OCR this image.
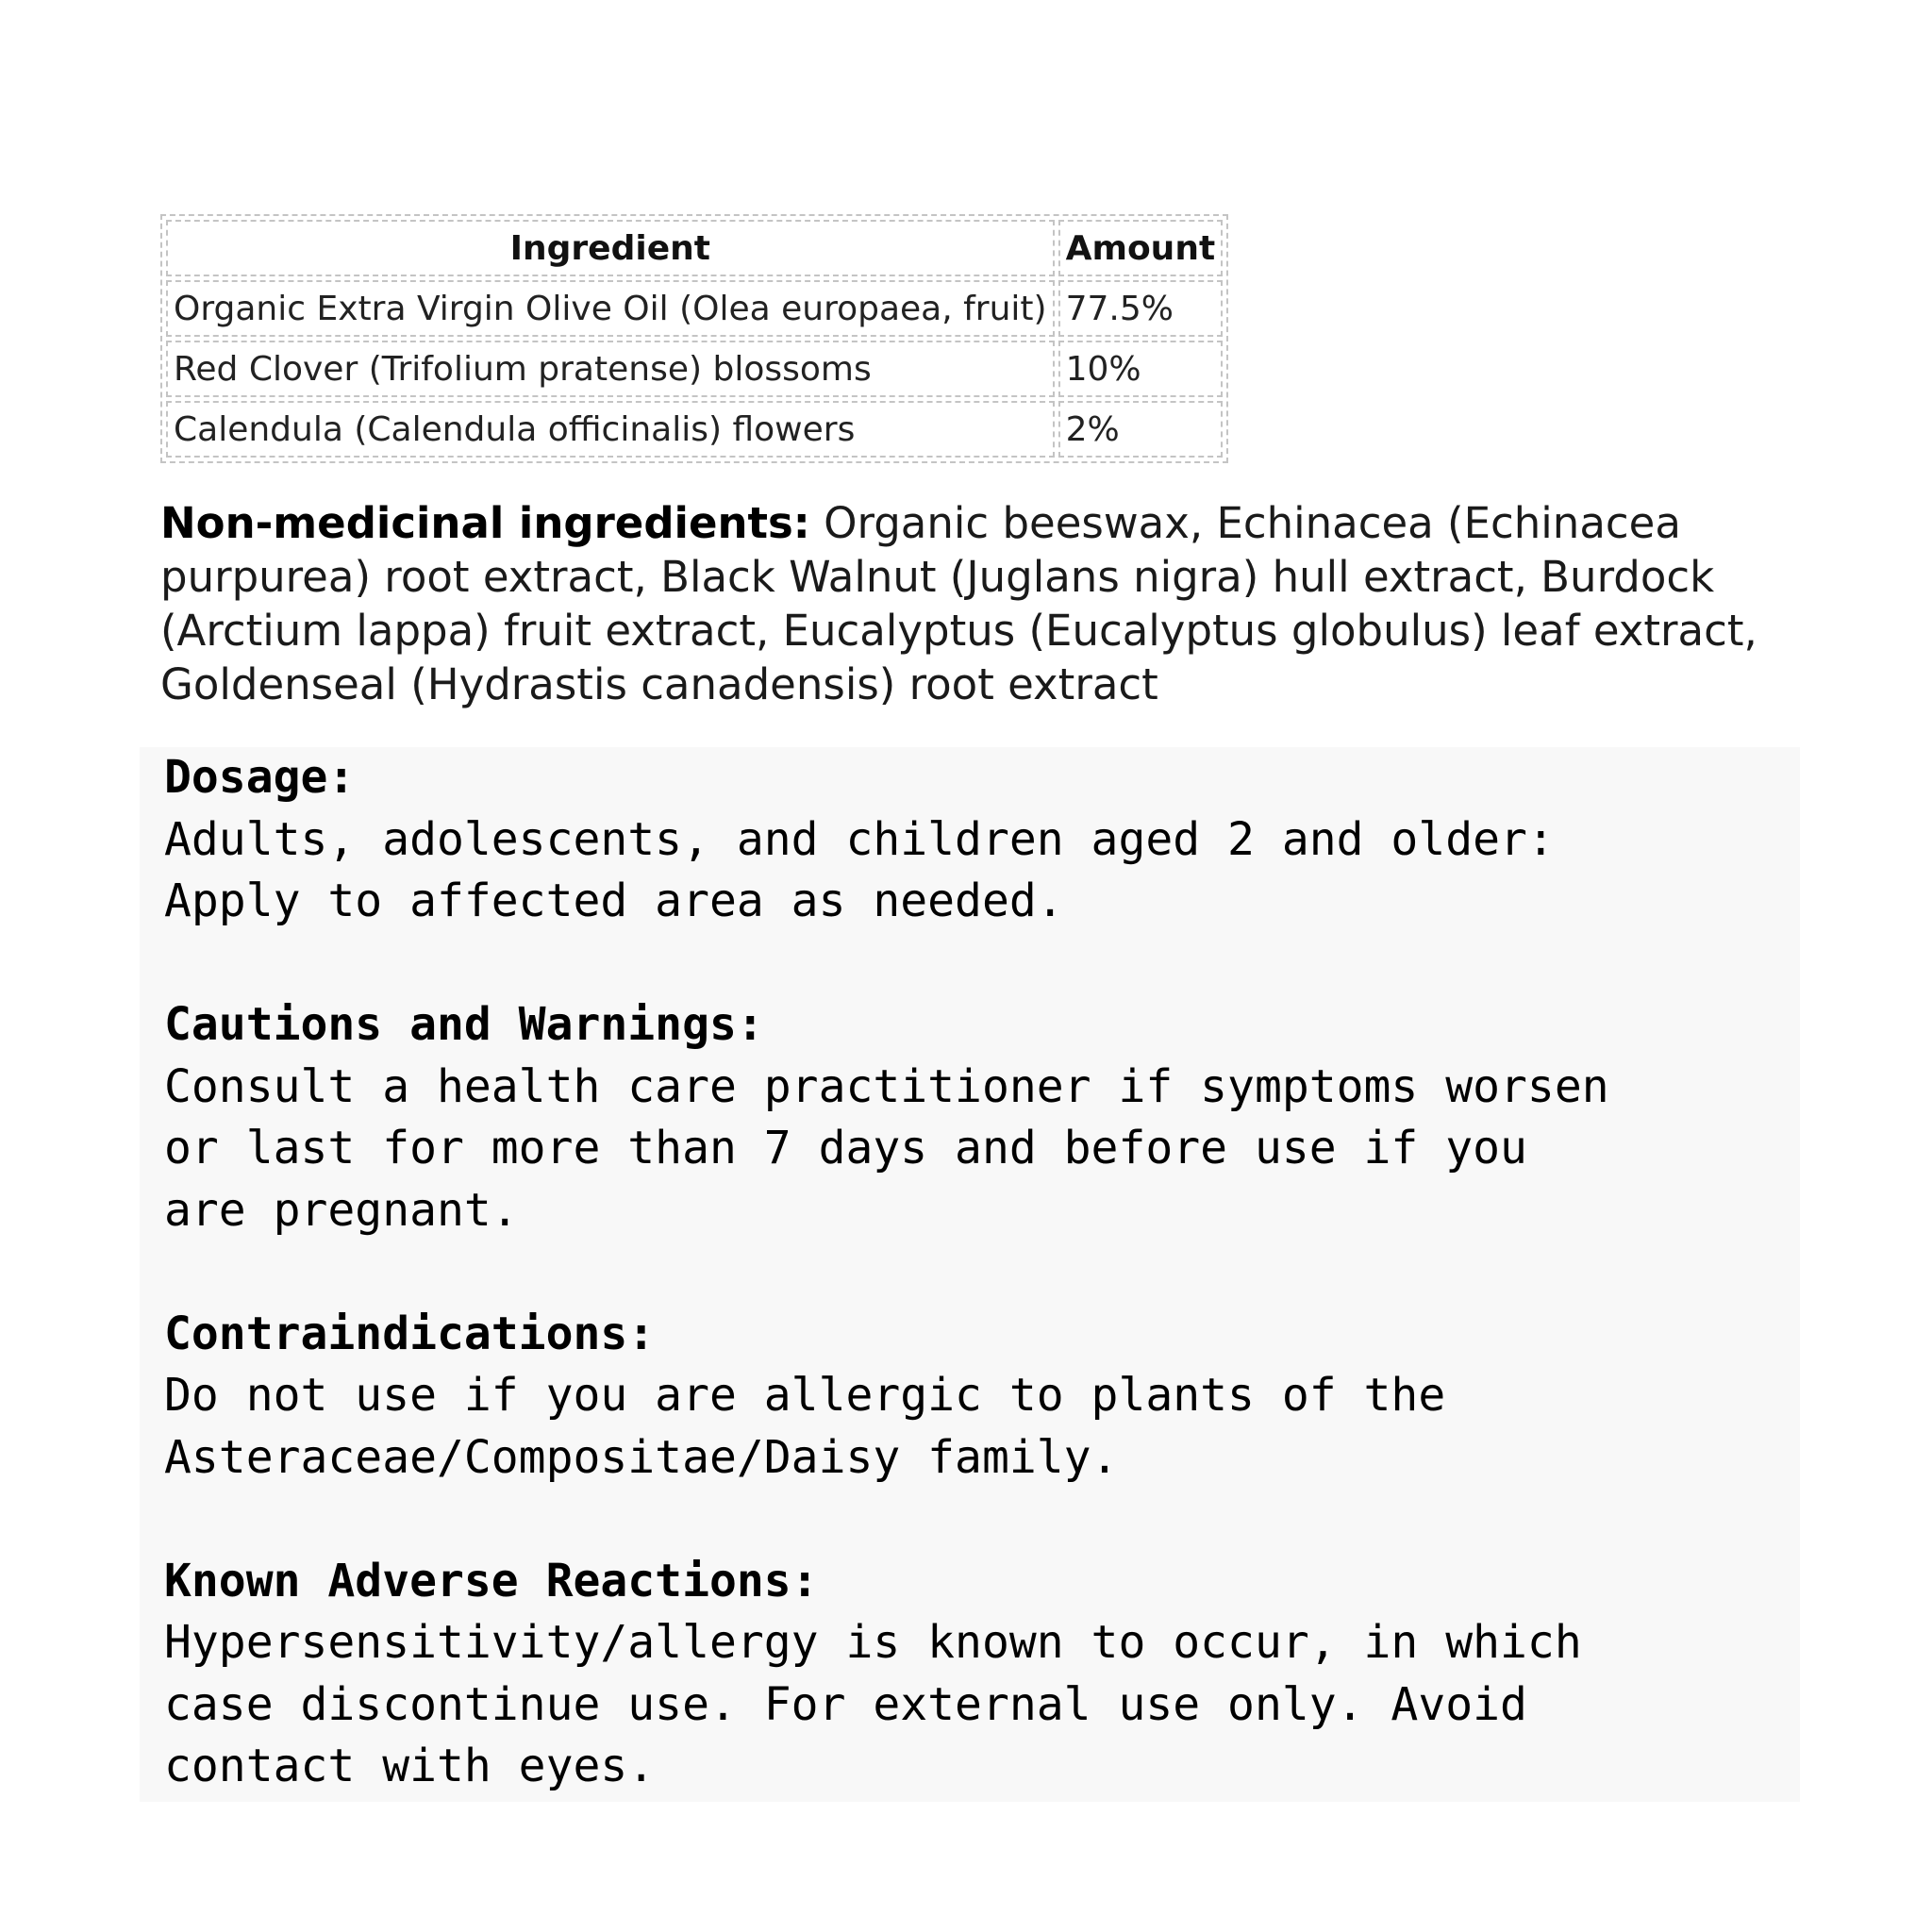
Ingredient	Amount
Organic Extra Virgin Olive Oil (Olea europaea, fruit)	77.5%
Red Clover (Trifolium pratense) blossoms	10%
Calendula (Calendula officinalis) flowers	2%

Non-medicinal ingredients: Organic beeswax, Echinacea (Echinacea purpurea) root extract, Black Walnut (Juglans nigra) hull extract, Burdock (Arctium lappa) fruit extract, Eucalyptus (Eucalyptus globulus) leaf extract, Goldenseal (Hydrastis canadensis) root extract

Dosage:

Adults, adolescents, and children aged 2 and older:

Apply to affected area as needed.

Cautions and Warnings:

Consult a health care practitioner if symptoms worsen

or last for more than 7 days and before use if you

are pregnant.

Contraindications:

Do not use if you are allergic to plants of the

Asteraceae/Compositae/Daisy family.

Known Adverse Reactions:

Hypersensitivity/allergy is known to occur, in which

case discontinue use. For external use only. Avoid

contact with eyes.
